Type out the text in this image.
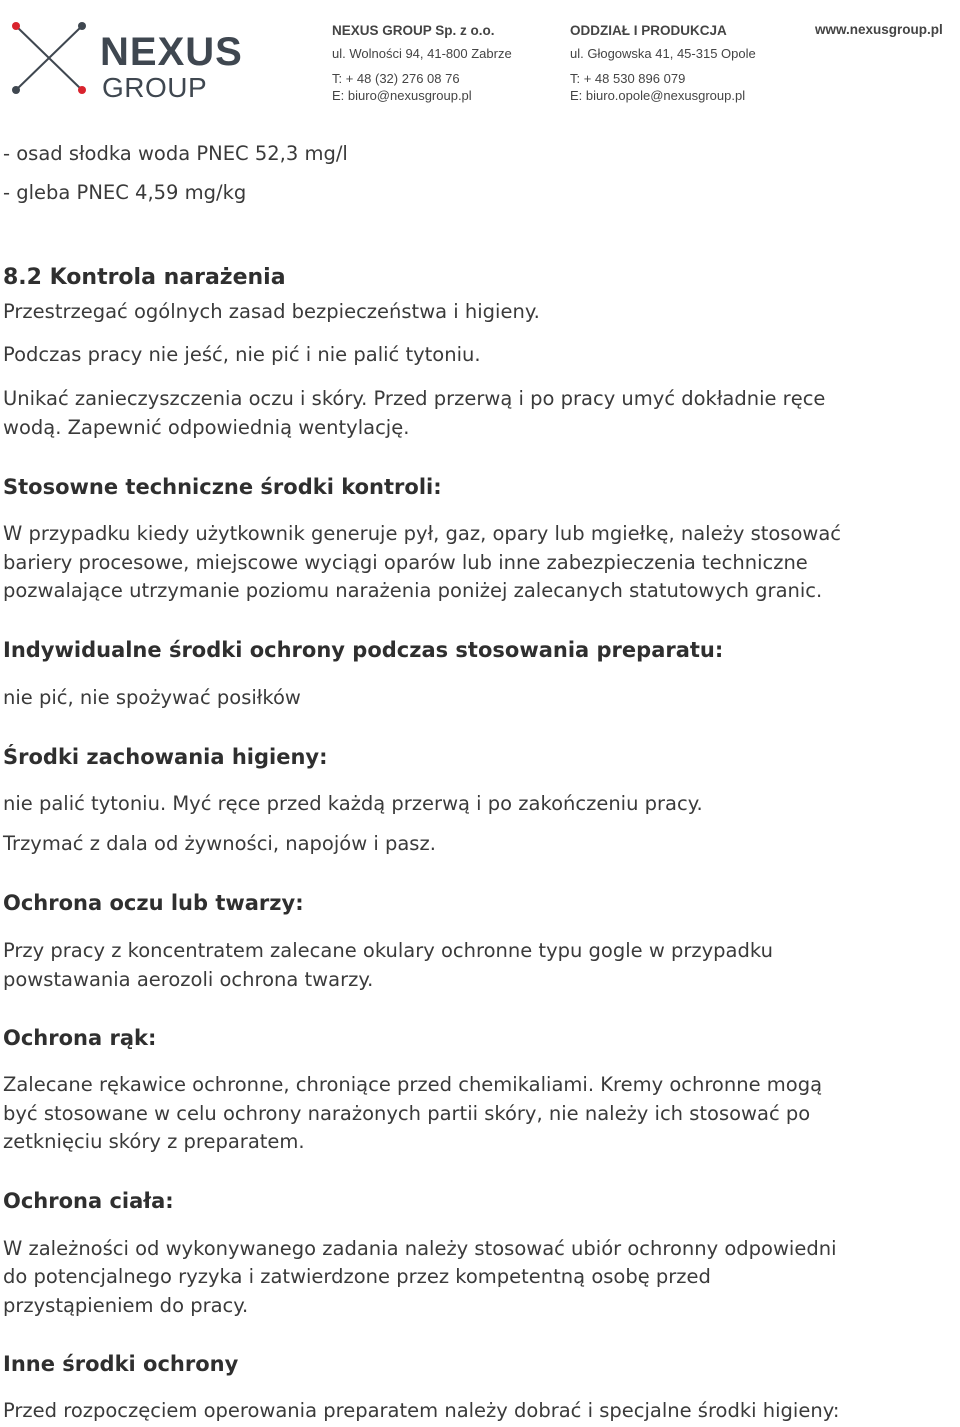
NEXUS
GROUP
NEXUS GROUP Sp. z o.o.
ul. Wolności 94, 41-800 Zabrze
T: + 48 (32) 276 08 76
E: biuro@nexusgroup.pl
ODDZIAŁ I PRODUKCJA
ul. Głogowska 41, 45-315 Opole
T: + 48 530 896 079
E: biuro.opole@nexusgroup.pl
www.nexusgroup.pl
- osad słodka woda PNEC 52,3 mg/l
- gleba PNEC 4,59 mg/kg
8.2 Kontrola narażenia
Przestrzegać ogólnych zasad bezpieczeństwa i higieny.
Podczas pracy nie jeść, nie pić i nie palić tytoniu.
Unikać zanieczyszczenia oczu i skóry. Przed przerwą i po pracy umyć dokładnie ręce
wodą. Zapewnić odpowiednią wentylację.
Stosowne techniczne środki kontroli:
W przypadku kiedy użytkownik generuje pył, gaz, opary lub mgiełkę, należy stosować
bariery procesowe, miejscowe wyciągi oparów lub inne zabezpieczenia techniczne
pozwalające utrzymanie poziomu narażenia poniżej zalecanych statutowych granic.
Indywidualne środki ochrony podczas stosowania preparatu:
nie pić, nie spożywać posiłków
Środki zachowania higieny:
nie palić tytoniu. Myć ręce przed każdą przerwą i po zakończeniu pracy.
Trzymać z dala od żywności, napojów i pasz.
Ochrona oczu lub twarzy:
Przy pracy z koncentratem zalecane okulary ochronne typu gogle w przypadku
powstawania aerozoli ochrona twarzy.
Ochrona rąk:
Zalecane rękawice ochronne, chroniące przed chemikaliami. Kremy ochronne mogą
być stosowane w celu ochrony narażonych partii skóry, nie należy ich stosować po
zetknięciu skóry z preparatem.
Ochrona ciała:
W zależności od wykonywanego zadania należy stosować ubiór ochronny odpowiedni
do potencjalnego ryzyka i zatwierdzone przez kompetentną osobę przed
przystąpieniem do pracy.
Inne środki ochrony
Przed rozpoczęciem operowania preparatem należy dobrać i specjalne środki higieny:
